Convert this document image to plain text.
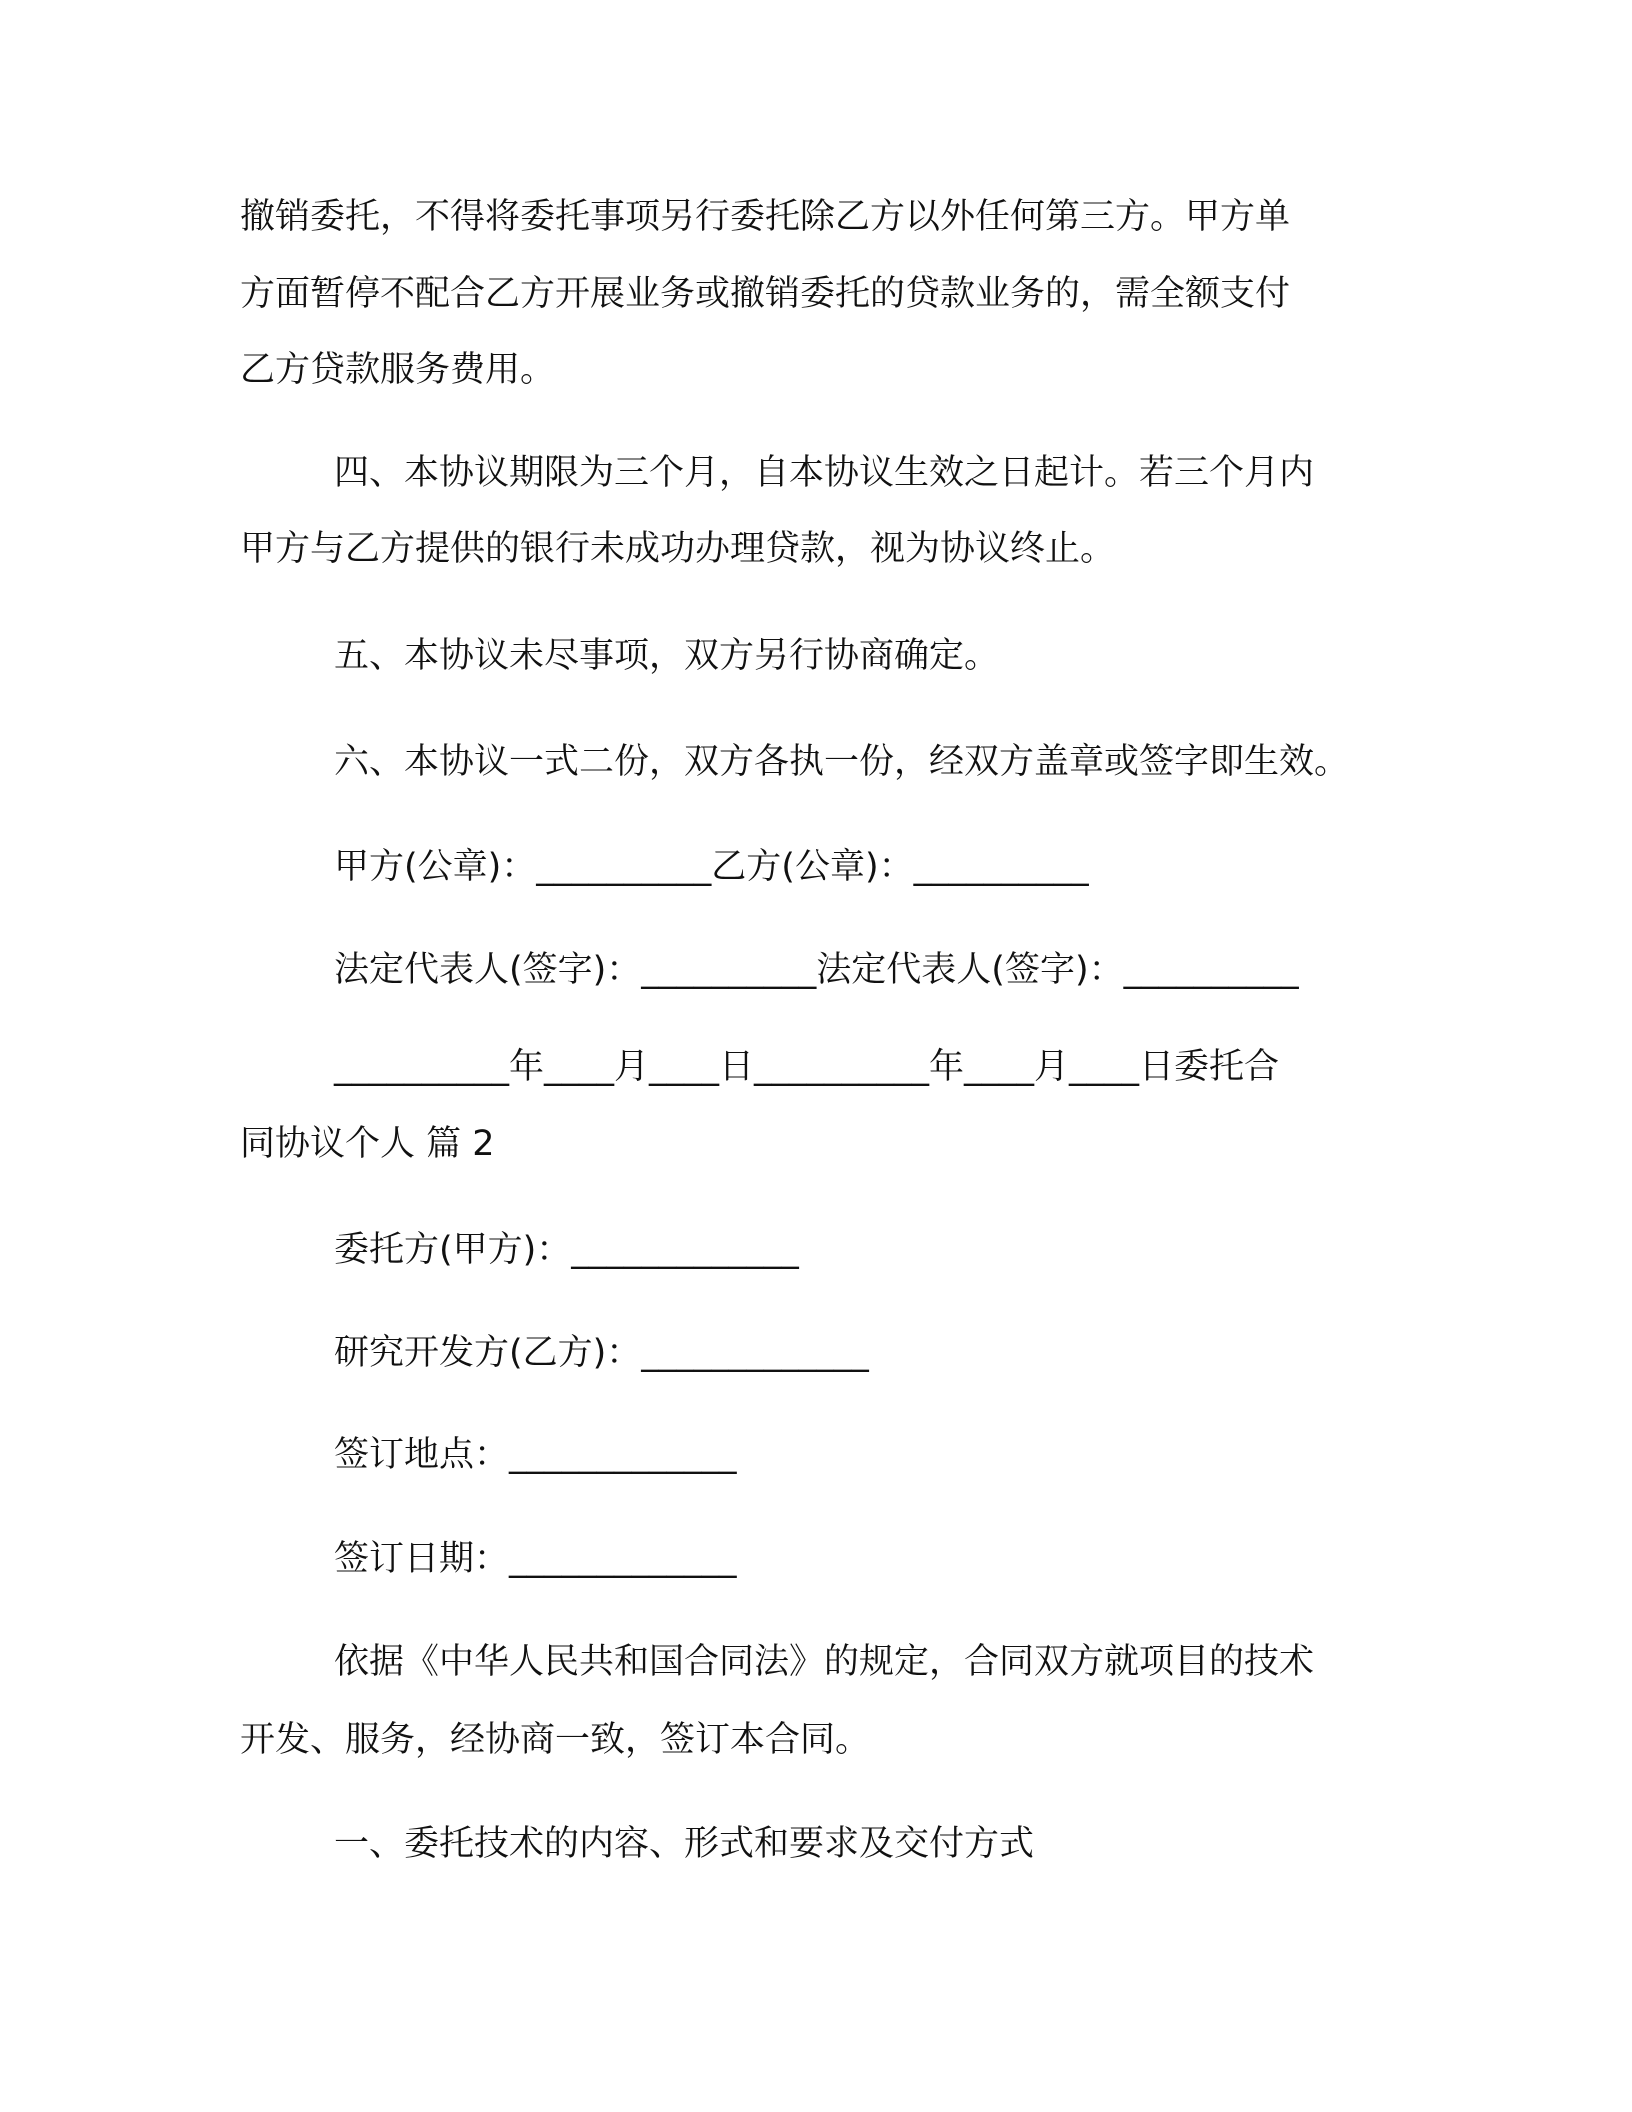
撤销委托，不得将委托事项另行委托除乙方以外任何第三方。甲方单
方面暂停不配合乙方开展业务或撤销委托的贷款业务的，需全额支付
乙方贷款服务费用。
四、本协议期限为三个月，自本协议生效之日起计。若三个月内
甲方与乙方提供的银行未成功办理贷款，视为协议终止。
五、本协议未尽事项，双方另行协商确定。
六、本协议一式二份，双方各执一份，经双方盖章或签字即生效。
甲方(公章)：__________乙方(公章)：__________
法定代表人(签字)：__________法定代表人(签字)：__________
__________年____月____日__________年____月____日委托合
同协议个人 篇 2
委托方(甲方)：_____________
研究开发方(乙方)：_____________
签订地点：_____________
签订日期：_____________
依据《中华人民共和国合同法》的规定，合同双方就项目的技术
开发、服务，经协商一致，签订本合同。
一、委托技术的内容、形式和要求及交付方式
